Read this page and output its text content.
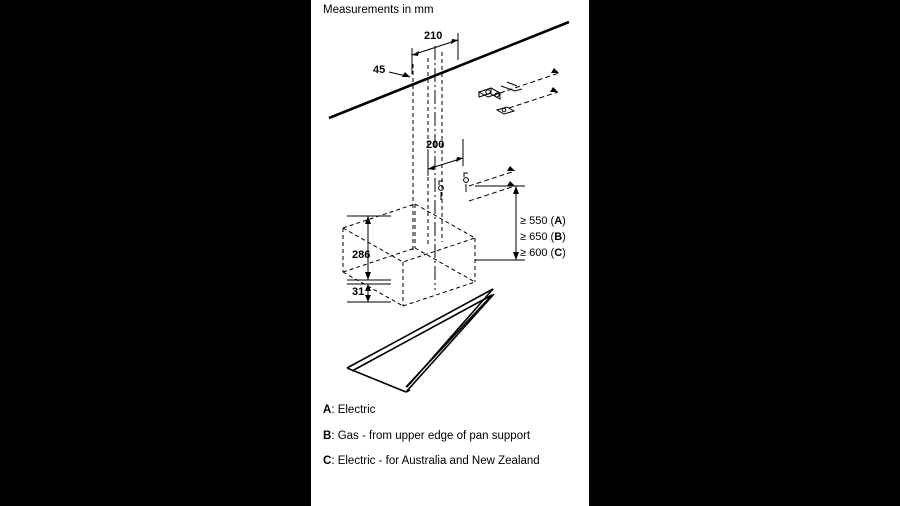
Measurements in mm
210
45
200
286
31
≥ 550 (A)
≥ 650 (B)
≥ 600 (C)
A: Electric
B: Gas - from upper edge of pan support
C: Electric - for Australia and New Zealand
